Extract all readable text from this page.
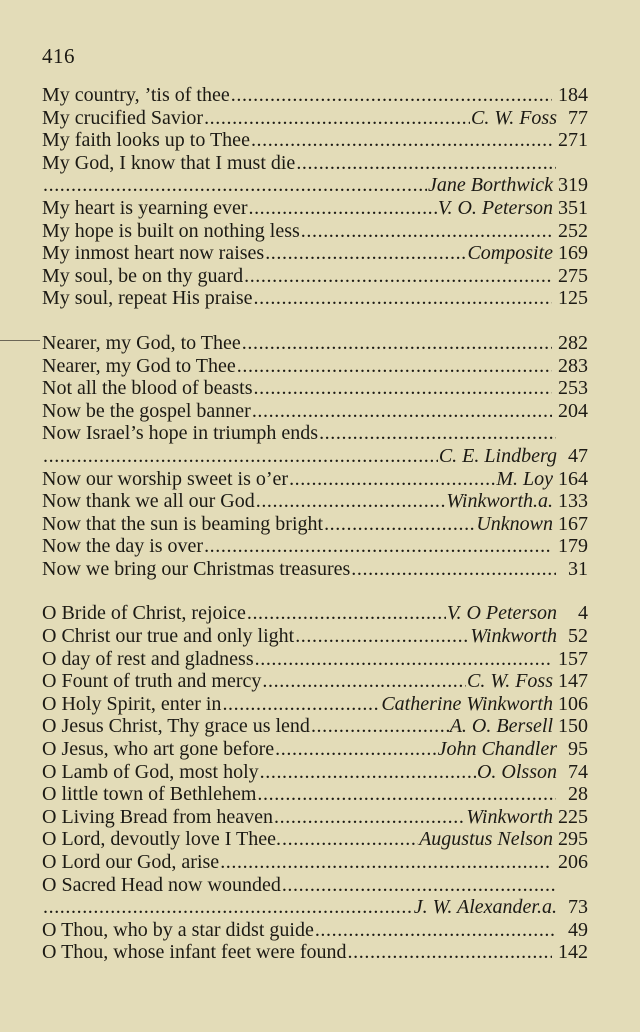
416
My country, ’tis of thee .....	184
My crucified Savior .....	C. W. Foss 77
My faith looks up to Thee .....	271
My God, I know that I must die
.....
.....
Jane Borthwick 319
My heart is yearning ever .....	V. O. Peterson 351
My hope is built on nothing less .....	252
My inmost heart now raises .....	Composite 169
My soul, be on thy guard .....	275
My soul, repeat His praise .....	125
Nearer, my God, to Thee .....	282
Nearer, my God to Thee .....	283
Not all the blood of beasts .....	253
Now be the gospel banner .....	204
Now Israel’s hope in triumph ends
.....
.....
C. E. Lindberg 47
Now our worship sweet is o’er .....	M. Loy 164
Now thank we all our God .....	Winkworth.a. 133
Now that the sun is beaming bright .....	Unknown 167
Now the day is over .....	179
Now we bring our Christmas treasures .....	31
O Bride of Christ, rejoice .....	V. O Peterson	4
O Christ our true and only light .....	Winkworth 52
O day of rest and gladness .....	157
O Fount of truth and mercy .....	C. W. Foss 147
O Holy Spirit, enter in .....	Catherine Winkworth 106
O Jesus Christ, Thy grace us lend .....	A. O. Bersell 150
O Jesus, who art gone before .....	John Chandler 95
O Lamb of God, most holy .....	O. Olsson 74
O little town of Bethlehem .....	28
O Living Bread from heaven .....	Winkworth 225
O Lord, devoutly love I Thee. .....	Augustus Nelson 295
O Lord our God, arise .....	206
O Sacred Head now wounded
.....
.....
J. W. Alexander.a. 73
O Thou, who by a star didst guide .....	49
O Thou, whose infant feet were found .....	142
